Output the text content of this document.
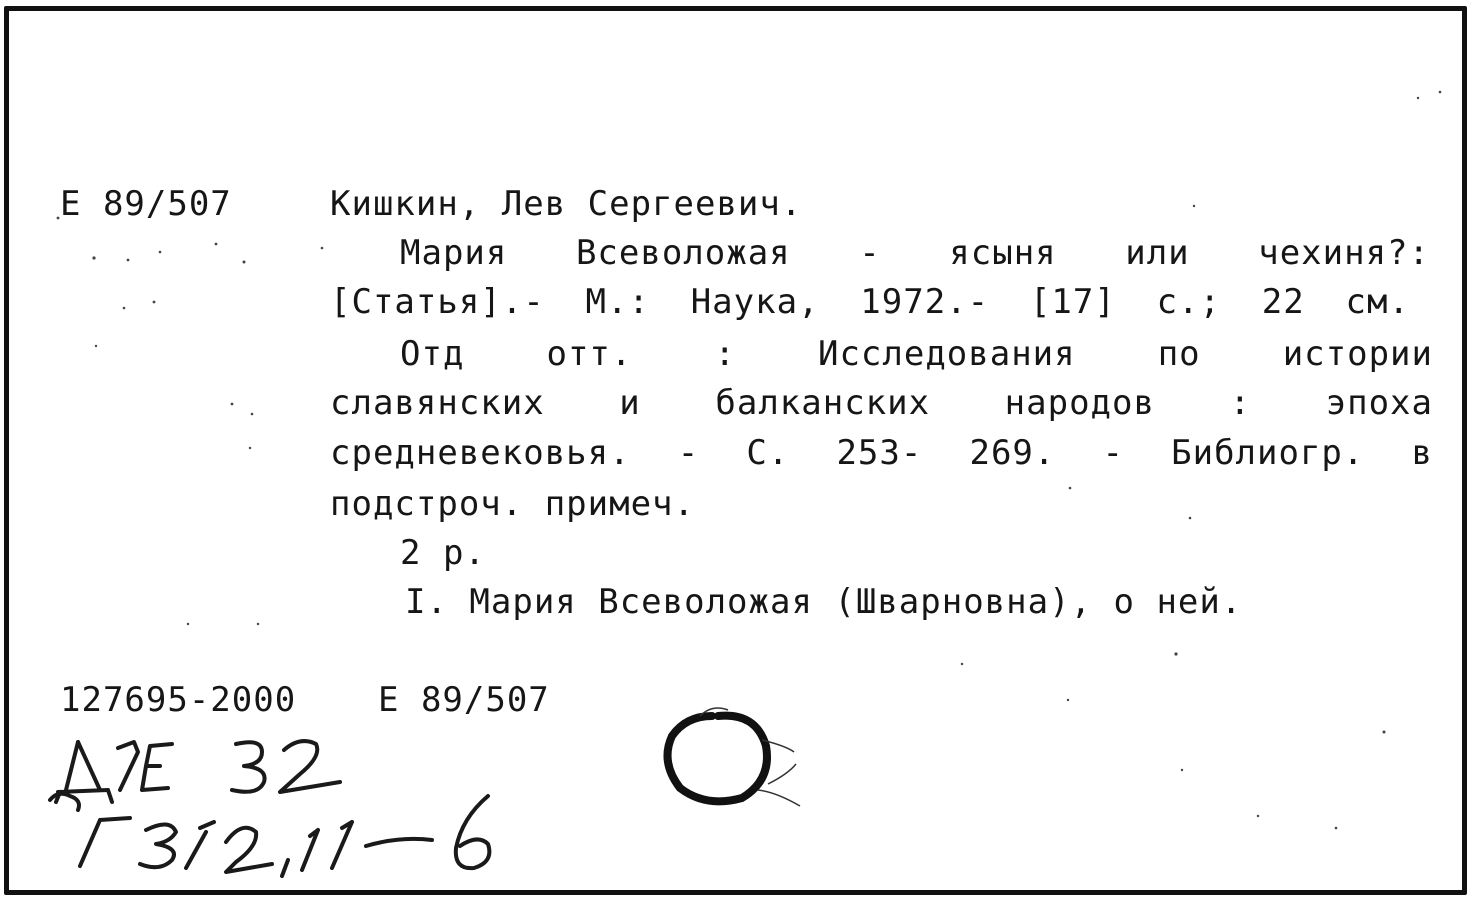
E 89/507	Кишкин, Лев Сергеевич.
Мария Всеволожая - ясыня или чехиня?:
[Статья].- М.: Наука, 1972.- [17] с.; 22 см.
Отд отт. : Исследования по истории
славянских и балканских народов : эпоха
средневековья. - С. 253- 269. - Библиогр. в
подстроч. примеч.
2 р.
I. Мария Всеволожая (Шварновна), о ней.
127695-2000 E 89/507
